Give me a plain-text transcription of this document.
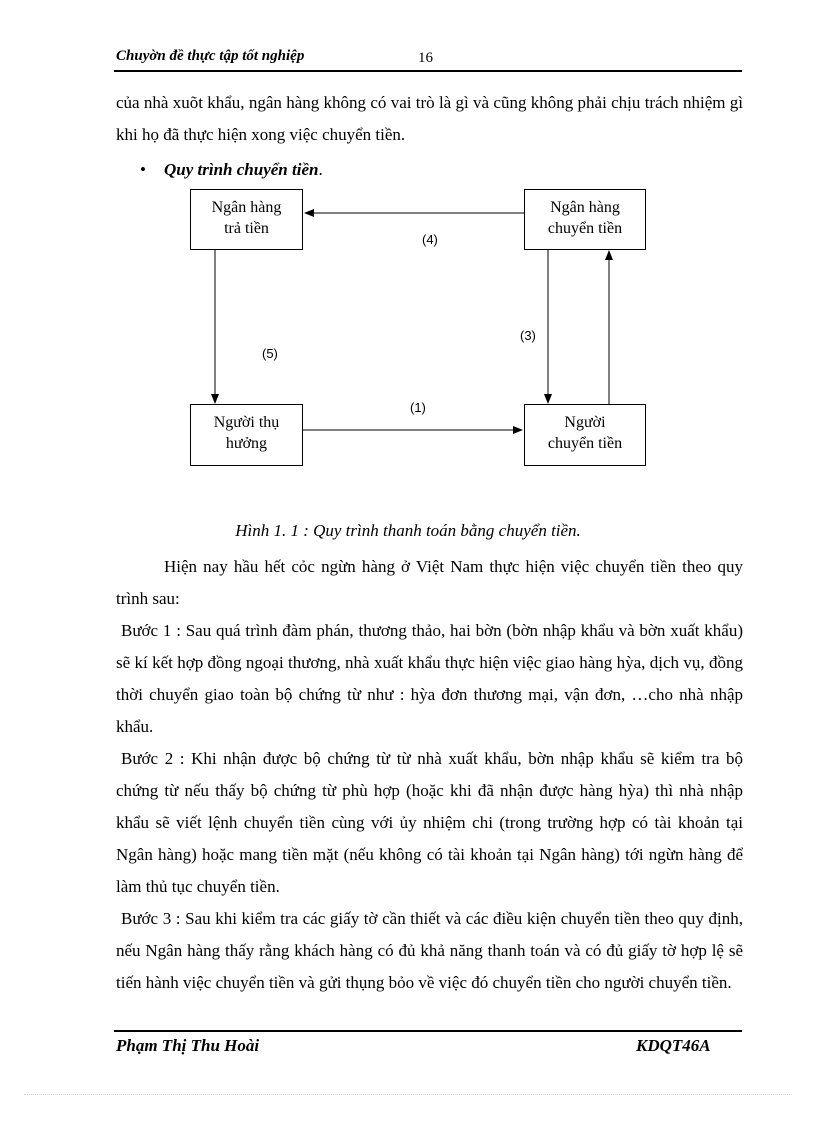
Chuyờn đề thực tập tốt nghiệp	16
của nhà xuõt khẩu, ngân hàng không có vai trò là gì và cũng không phải chịu trách nhiệm gì khi họ đã thực hiện xong việc chuyển tiền.
• Quy trình chuyển tiền.
Ngân hàng
trả tiền
Ngân hàng
chuyển tiền
Người thụ
hưởng
Người
chuyển tiền
(4)
(5)
(3)
(1)
Hình 1. 1 : Quy trình thanh toán bằng chuyển tiền.
Hiện nay hầu hết cỏc ngừn hàng ở Việt Nam thực hiện việc chuyển tiền theo quy trình sau:
Bước 1 : Sau quá trình đàm phán, thương thảo, hai bờn (bờn nhập khẩu và bờn xuất khẩu) sẽ kí kết hợp đồng ngoại thương, nhà xuất khẩu thực hiện việc giao hàng hỳa, dịch vụ, đồng thời chuyển giao toàn bộ chứng từ như : hỳa đơn thương mại, vận đơn, …cho nhà nhập khẩu.
Bước 2 : Khi nhận được bộ chứng từ từ nhà xuất khẩu, bờn nhập khẩu sẽ kiểm tra bộ chứng từ nếu thấy bộ chứng từ phù hợp (hoặc khi đã nhận được hàng hỳa) thì nhà nhập khẩu sẽ viết lệnh chuyển tiền cùng với ủy nhiệm chi (trong trường hợp có tài khoản tại Ngân hàng) hoặc mang tiền mặt (nếu không có tài khoản tại Ngân hàng) tới ngừn hàng để làm thủ tục chuyển tiền.
Bước 3 : Sau khi kiểm tra các giấy tờ cần thiết và các điều kiện chuyển tiền theo quy định, nếu Ngân hàng thấy rằng khách hàng có đủ khả năng thanh toán và có đủ giấy tờ hợp lệ sẽ tiến hành việc chuyển tiền và gửi thụng bỏo về việc đó chuyển tiền cho người chuyển tiền.
Phạm Thị Thu Hoài	KDQT46A
